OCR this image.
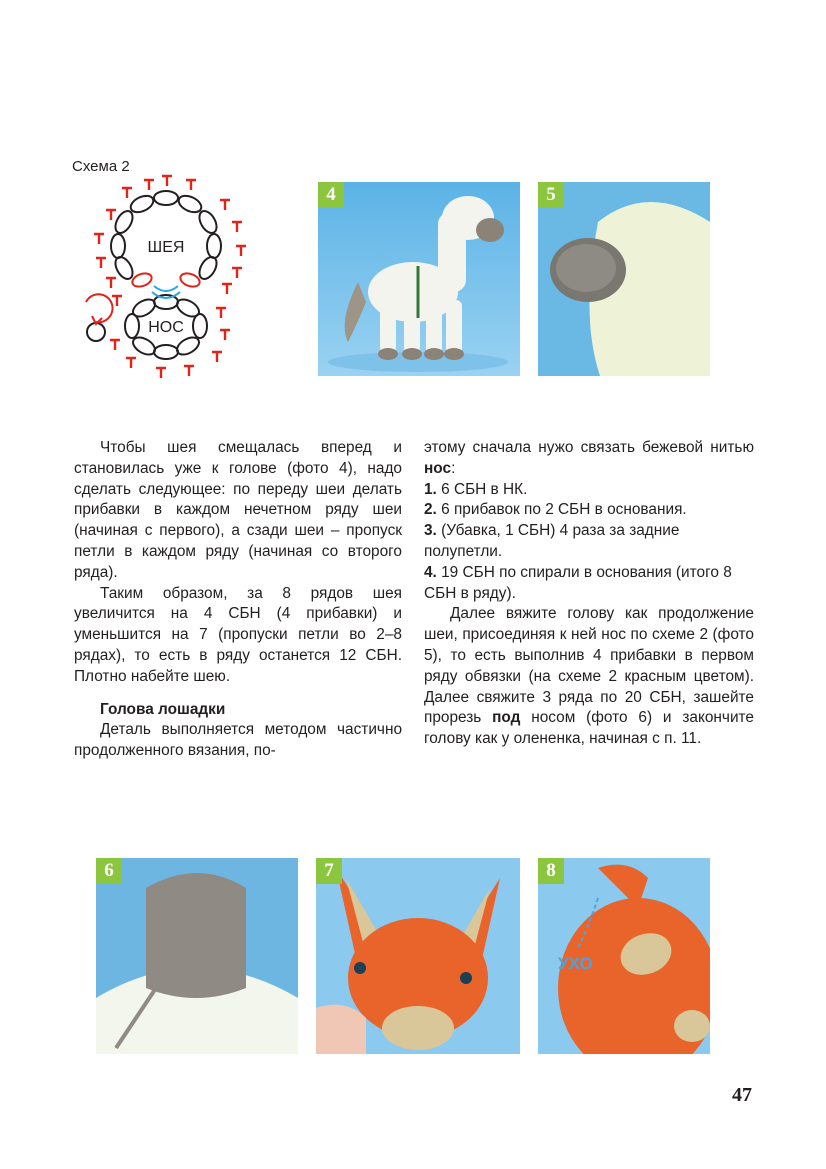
Схема 2
ШЕЯ
НОС
4	5

Чтобы шея смещалась вперед и становилась уже к голове (фото 4), надо сделать следующее: по переду шеи делать прибавки в каждом нечетном ряду шеи (начиная с первого), а сзади шеи – пропуск петли в каждом ряду (начиная со второго ряда).

Таким образом, за 8 рядов шея увеличится на 4 СБН (4 прибавки) и уменьшится на 7 (пропуски петли во 2–8 рядах), то есть в ряду останется 12 СБН. Плотно набейте шею.

Голова лошадки

Деталь выполняется методом частично продолженного вязания, по-

этому сначала нужо связать бежевой нитью нос:

1. 6 СБН в НК.

2. 6 прибавок по 2 СБН в основания.

3. (Убавка, 1 СБН) 4 раза за задние полупетли.

4. 19 СБН по спирали в основания (итого 8 СБН в ряду).

Далее вяжите голову как продолжение шеи, присоединяя к ней нос по схеме 2 (фото 5), то есть выполнив 4 прибавки в первом ряду обвязки (на схеме 2 красным цветом). Далее свяжите 3 ряда по 20 СБН, зашейте прорезь под носом (фото 6) и закончите голову как у олененка, начиная с п. 11.

6	7	8
УХО
47
